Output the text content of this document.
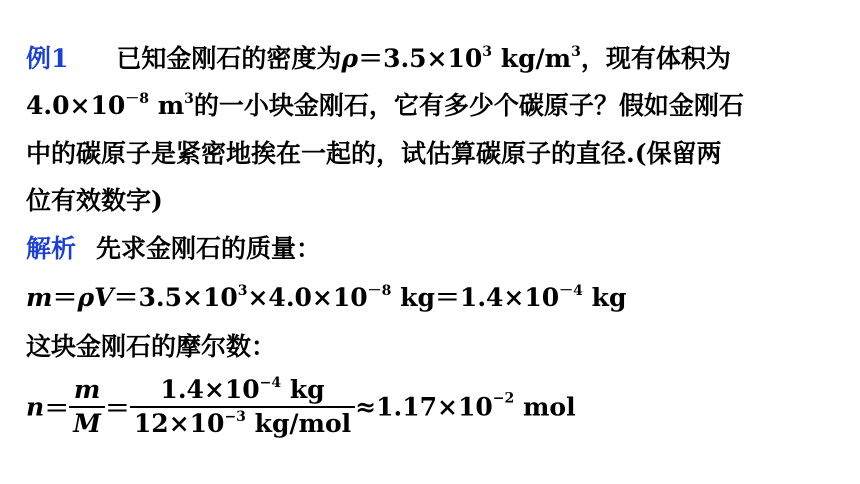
例1 已知金刚石的密度为$\rho=3.5\times 10^3$ $kg/m^3$，现有体积为
$4.0\times 10^{-8}$ $m^3$的一小块金刚石，它有多少个碳原子？假如金刚石
中的碳原子是紧密地挨在一起的，试估算碳原子的直径.(保留两
位有效数字)
解析 先求金刚石的质量：
$m=\rho V=3.5\times 10^3\times 4.0\times 10^{-8}$ $kg=1.4\times 10^{-4}$ kg
这块金刚石的摩尔数：
$n= \frac{m}{M} = \frac{1.4\times 10^{-4} kg}{12\times 10^{-3} kg/mol} \approx 1.17\times 10^{-2}$ mol
